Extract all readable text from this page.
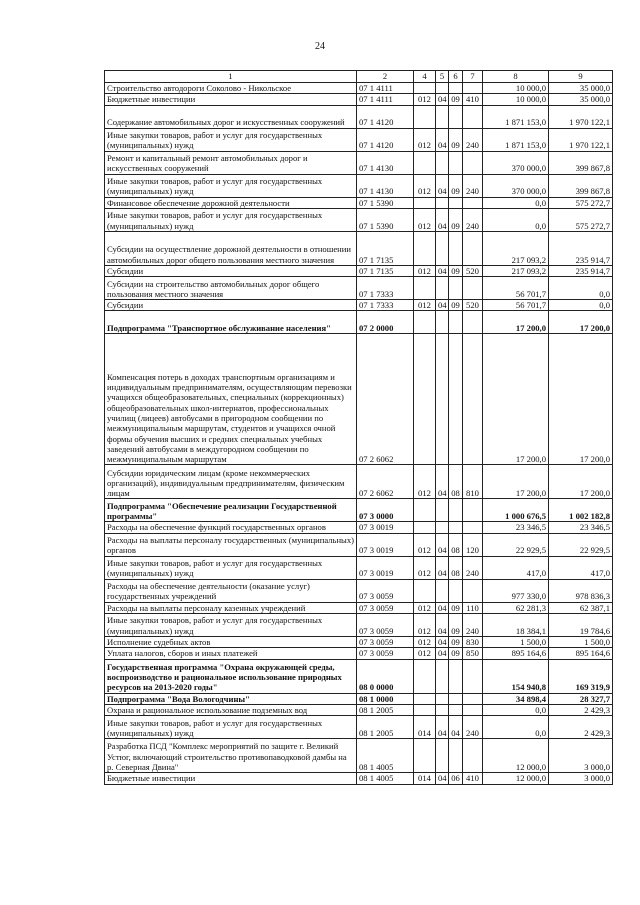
24
1	2	4	5	6	7	8	9
Строительство автодороги Соколово - Никольское	07 1 4111					10 000,0	35 000,0
Бюджетные инвестиции	07 1 4111	012	04	09	410	10 000,0	35 000,0
Содержание автомобильных дорог и искусственных сооружений	07 1 4120					1 871 153,0	1 970 122,1
Иные закупки товаров, работ и услуг для государственных (муниципальных) нужд	07 1 4120	012	04	09	240	1 871 153,0	1 970 122,1
Ремонт и капитальный ремонт автомобильных дорог и искусственных сооружений	07 1 4130					370 000,0	399 867,8
Иные закупки товаров, работ и услуг для государственных (муниципальных) нужд	07 1 4130	012	04	09	240	370 000,0	399 867,8
Финансовое обеспечение дорожной деятельности	07 1 5390					0,0	575 272,7
Иные закупки товаров, работ и услуг для государственных (муниципальных) нужд	07 1 5390	012	04	09	240	0,0	575 272,7
Субсидии на осуществление дорожной деятельности в отношении автомобильных дорог общего пользования местного значения	07 1 7135					217 093,2	235 914,7
Субсидии	07 1 7135	012	04	09	520	217 093,2	235 914,7
Субсидии на строительство автомобильных дорог общего пользования местного значения	07 1 7333					56 701,7	0,0
Субсидии	07 1 7333	012	04	09	520	56 701,7	0,0
Подпрограмма "Транспортное обслуживание населения"	07 2 0000					17 200,0	17 200,0
Компенсация потерь в доходах транспортным организациям и индивидуальным предпринимателям, осуществляющим перевозки учащихся общеобразовательных, специальных (коррекционных) общеобразовательных школ-интернатов, профессиональных училищ (лицеев) автобусами в пригородном сообщении по межмуниципальным маршрутам, студентов и учащихся очной формы обучения высших и средних специальных учебных заведений автобусами в междугородном сообщении по межмуниципальным маршрутам	07 2 6062					17 200,0	17 200,0
Субсидии юридическим лицам (кроме некоммерческих организаций), индивидуальным предпринимателям, физическим лицам	07 2 6062	012	04	08	810	17 200,0	17 200,0
Подпрограмма "Обеспечение реализации Государственной программы"	07 3 0000					1 000 676,5	1 002 182,8
Расходы на обеспечение функций государственных органов	07 3 0019					23 346,5	23 346,5
Расходы на выплаты персоналу государственных (муниципальных) органов	07 3 0019	012	04	08	120	22 929,5	22 929,5
Иные закупки товаров, работ и услуг для государственных (муниципальных) нужд	07 3 0019	012	04	08	240	417,0	417,0
Расходы на обеспечение деятельности (оказание услуг) государственных учреждений	07 3 0059					977 330,0	978 836,3
Расходы на выплаты персоналу казенных учреждений	07 3 0059	012	04	09	110	62 281,3	62 387,1
Иные закупки товаров, работ и услуг для государственных (муниципальных) нужд	07 3 0059	012	04	09	240	18 384,1	19 784,6
Исполнение судебных актов	07 3 0059	012	04	09	830	1 500,0	1 500,0
Уплата налогов, сборов и иных платежей	07 3 0059	012	04	09	850	895 164,6	895 164,6
Государственная программа "Охрана окружающей среды, воспроизводство и рациональное использование природных ресурсов на 2013-2020 годы"	08 0 0000					154 940,8	169 319,9
Подпрограмма "Вода Вологодчины"	08 1 0000					34 898,4	28 327,7
Охрана и рациональное использование подземных вод	08 1 2005					0,0	2 429,3
Иные закупки товаров, работ и услуг для государственных (муниципальных) нужд	08 1 2005	014	04	04	240	0,0	2 429,3
Разработка ПСД "Комплекс мероприятий по защите г. Великий Устюг, включающий строительство противопаводковой дамбы на р. Северная Двина"	08 1 4005					12 000,0	3 000,0
Бюджетные инвестиции	08 1 4005	014	04	06	410	12 000,0	3 000,0
